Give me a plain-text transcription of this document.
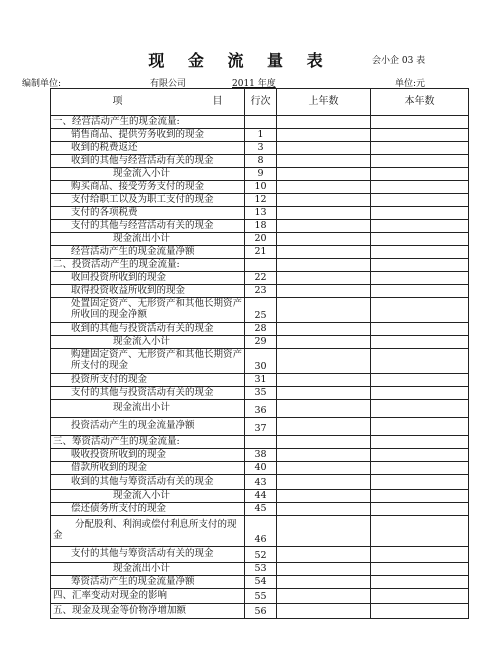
现 金 流 量 表	会小企 03 表
编制单位:	有限公司	2011 年度	单位:元
项 目	行次	上年数	本年数
一、经营活动产生的现金流量:			
销售商品、提供劳务收到的现金	1		
收到的税费返还	3		
收到的其他与经营活动有关的现金	8		
现金流入小计	9		
购买商品、接受劳务支付的现金	10		
支付给职工以及为职工支付的现金	12		
支付的各项税费	13		
支付的其他与经营活动有关的现金	18		
现金流出小计	20		
经营活动产生的现金流量净额	21		
二、投资活动产生的现金流量:			
收回投资所收到的现金	22		
取得投资收益所收到的现金	23		
处置固定资产、无形资产和其他长期资产所收回的现金净额	25		
收到的其他与投资活动有关的现金	28		
现金流入小计	29		
购建固定资产、无形资产和其他长期资产所支付的现金	30		
投资所支付的现金	31		
支付的其他与投资活动有关的现金	35		
现金流出小计	36		
投资活动产生的现金流量净额	37		
三、筹资活动产生的现金流量:			
吸收投资所收到的现金	38		
借款所收到的现金	40		
收到的其他与筹资活动有关的现金	43		
现金流入小计	44		
偿还债务所支付的现金	45		
分配股利、利润或偿付利息所支付的现金	46		
支付的其他与筹资活动有关的现金	52		
现金流出小计	53		
筹资活动产生的现金流量净额	54		
四、汇率变动对现金的影响	55		
五、现金及现金等价物净增加额	56		
